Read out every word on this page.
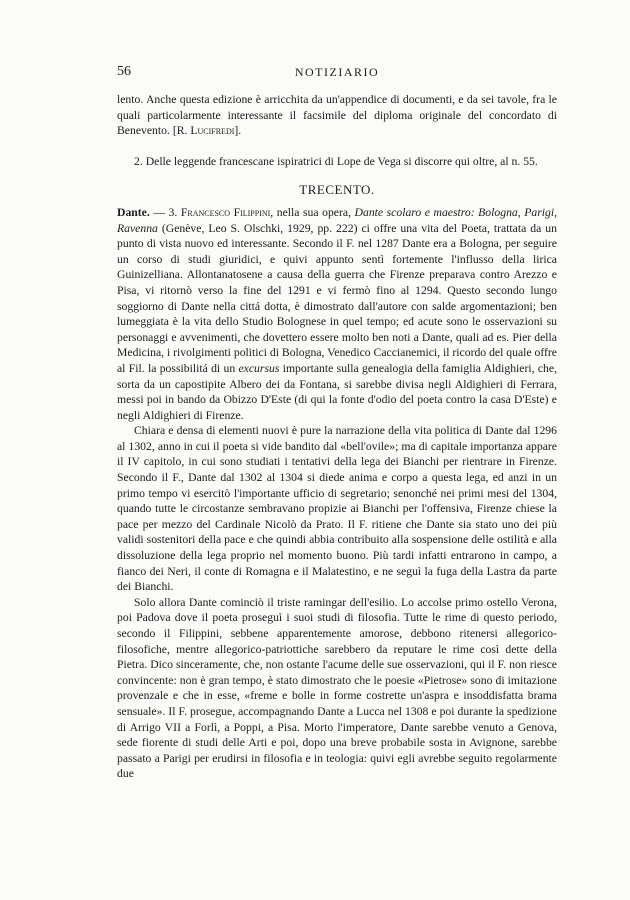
56	NOTIZIARIO

lento. Anche questa edizione è arricchita da un'appendice di documenti, e da sei tavole, fra le quali particolarmente interessante il facsimile del diploma originale del concordato di Benevento. [R. Lucifredi].

2. Delle leggende francescane ispiratrici di Lope de Vega si discorre qui oltre, al n. 55.

TRECENTO.

Dante. — 3. Francesco Filippini, nella sua opera, Dante scolaro e maestro: Bologna, Parigi, Ravenna (Genève, Leo S. Olschki, 1929, pp. 222) ci offre una vita del Poeta, trattata da un punto di vista nuovo ed interessante. Secondo il F. nel 1287 Dante era a Bologna, per seguire un corso di studi giuridici, e quivi appunto sentì fortemente l'influsso della lirica Guinizelliana. Allontanatosene a causa della guerra che Firenze preparava contro Arezzo e Pisa, vi ritornò verso la fine del 1291 e vi fermò fino al 1294. Questo secondo lungo soggiorno di Dante nella cittá dotta, è dimostrato dall'autore con salde argomentazioni; ben lumeggiata è la vita dello Studio Bolognese in quel tempo; ed acute sono le osservazioni su personaggi e avvenimenti, che dovettero essere molto ben noti a Dante, quali ad es. Pier della Medicina, i rivolgimenti politici di Bologna, Venedico Caccianemici, il ricordo del quale offre al Fil. la possibilitá di un excursus importante sulla genealogia della famiglia Aldighieri, che, sorta da un capostipite Albero dei da Fontana, si sarebbe divisa negli Aldighieri di Ferrara, messi poi in bando da Obizzo D'Este (di qui la fonte d'odio del poeta contro la casa D'Este) e negli Aldighieri di Firenze.

Chiara e densa di elementi nuovi è pure la narrazione della vita politica di Dante dal 1296 al 1302, anno in cui il poeta si vide bandito dal «bell'ovile»; ma di capitale importanza appare il IV capitolo, in cui sono studiati i tentativi della lega dei Bianchi per rientrare in Firenze. Secondo il F., Dante dal 1302 al 1304 si diede anima e corpo a questa lega, ed anzi in un primo tempo vi esercitò l'importante ufficio di segretario; senonché nei primi mesi del 1304, quando tutte le circostanze sembravano propizie ai Bianchi per l'offensiva, Firenze chiese la pace per mezzo del Cardinale Nicolò da Prato. Il F. ritiene che Dante sia stato uno dei più validi sostenitori della pace e che quindi abbia contribuito alla sospensione delle ostilità e alla dissoluzione della lega proprio nel momento buono. Più tardi infatti entrarono in campo, a fianco dei Neri, il conte di Romagna e il Malatestino, e ne seguì la fuga della Lastra da parte dei Bianchi.

Solo allora Dante cominciò il triste ramingar dell'esilio. Lo accolse primo ostello Verona, poi Padova dove il poeta proseguì i suoi studi di filosofia. Tutte le rime di questo periodo, secondo il Filippini, sebbene apparentemente amorose, debbono ritenersi allegorico-filosofiche, mentre allegorico-patriottiche sarebbero da reputare le rime così dette della Pietra. Dico sinceramente, che, non ostante l'acume delle sue osservazioni, qui il F. non riesce convincente: non è gran tempo, è stato dimostrato che le poesie «Pietrose» sono di imitazione provenzale e che in esse, «freme e bolle in forme costrette un'aspra e insoddisfatta brama sensuale». Il F. prosegue, accompagnando Dante a Lucca nel 1308 e poi durante la spedizione di Arrigo VII a Forlì, a Poppi, a Pisa. Morto l'imperatore, Dante sarebbe venuto a Genova, sede fiorente di studi delle Arti e poi, dopo una breve probabile sosta in Avignone, sarebbe passato a Parigi per erudirsi in filosofia e in teologia: quivi egli avrebbe seguito regolarmente due
